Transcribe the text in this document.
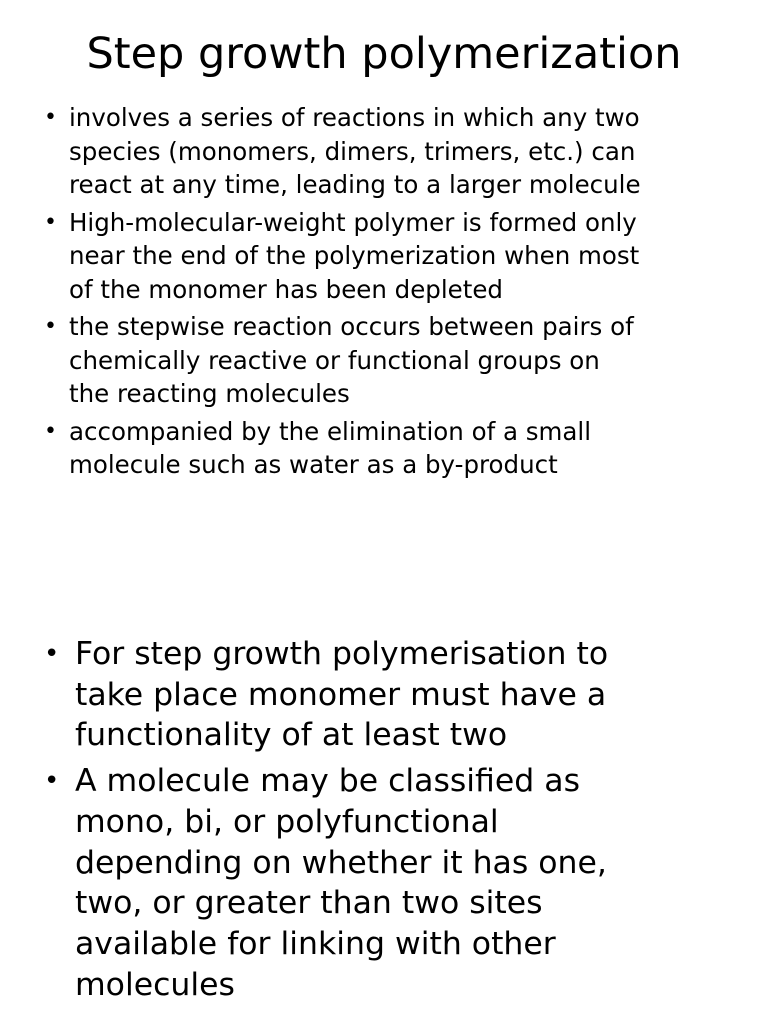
Step growth polymerization
• involves a series of reactions in which any two
species (monomers, dimers, trimers, etc.) can
react at any time, leading to a larger molecule
• High-molecular-weight polymer is formed only
near the end of the polymerization when most
of the monomer has been depleted
• the stepwise reaction occurs between pairs of
chemically reactive or functional groups on
the reacting molecules
• accompanied by the elimination of a small
molecule such as water as a by-product
• For step growth polymerisation to
take place monomer must have a
functionality of at least two
• A molecule may be classified as
mono, bi, or polyfunctional
depending on whether it has one,
two, or greater than two sites
available for linking with other
molecules
